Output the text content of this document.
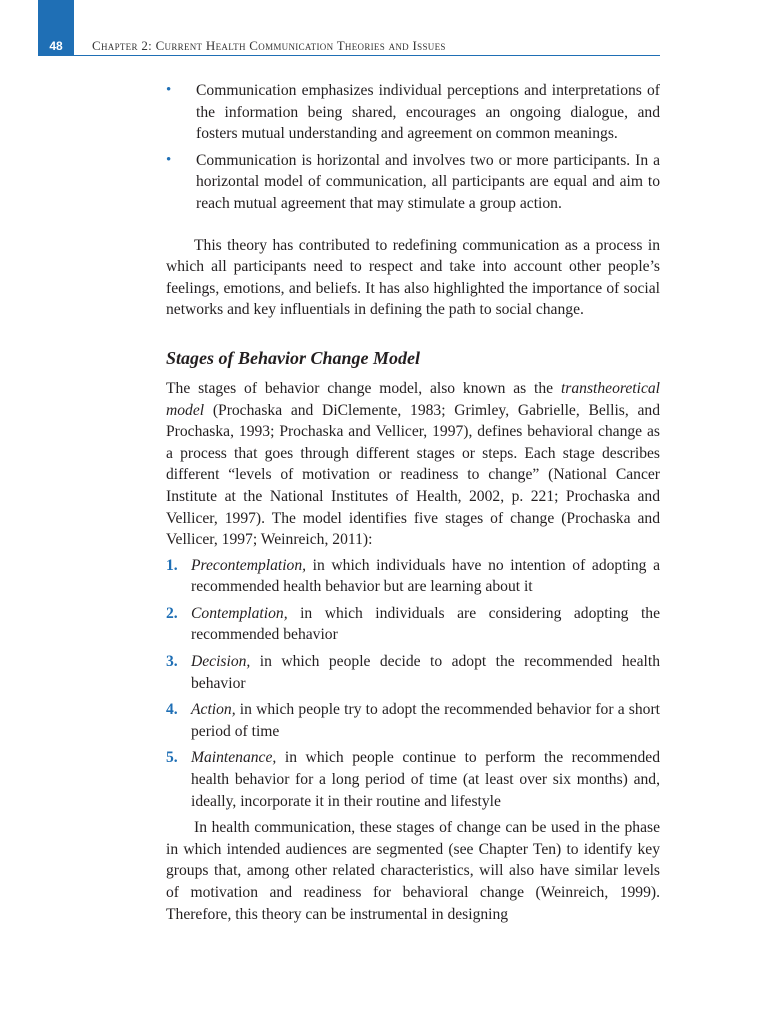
48	Chapter 2: Current Health Communication Theories and Issues
• Communication emphasizes individual perceptions and interpretations of the information being shared, encourages an ongoing dialogue, and fosters mutual understanding and agreement on common meanings.
• Communication is horizontal and involves two or more participants. In a horizontal model of communication, all participants are equal and aim to reach mutual agreement that may stimulate a group action.

This theory has contributed to redefining communication as a process in which all participants need to respect and take into account other people’s feelings, emotions, and beliefs. It has also highlighted the importance of social networks and key influentials in defining the path to social change.

Stages of Behavior Change Model

The stages of behavior change model, also known as the transtheoretical model (Prochaska and DiClemente, 1983; Grimley, Gabrielle, Bellis, and Prochaska, 1993; Prochaska and Vellicer, 1997), defines behavioral change as a process that goes through different stages or steps. Each stage describes different “levels of motivation or readiness to change” (National Cancer Institute at the National Institutes of Health, 2002, p. 221; Prochaska and Vellicer, 1997). The model identifies five stages of change (Prochaska and Vellicer, 1997; Weinreich, 2011):

1. Precontemplation, in which individuals have no intention of adopting a recommended health behavior but are learning about it
2. Contemplation, in which individuals are considering adopting the recommended behavior
3. Decision, in which people decide to adopt the recommended health behavior
4. Action, in which people try to adopt the recommended behavior for a short period of time
5. Maintenance, in which people continue to perform the recommended health behavior for a long period of time (at least over six months) and, ideally, incorporate it in their routine and lifestyle

In health communication, these stages of change can be used in the phase in which intended audiences are segmented (see Chapter Ten) to identify key groups that, among other related characteristics, will also have similar levels of motivation and readiness for behavioral change (Weinreich, 1999). Therefore, this theory can be instrumental in designing
